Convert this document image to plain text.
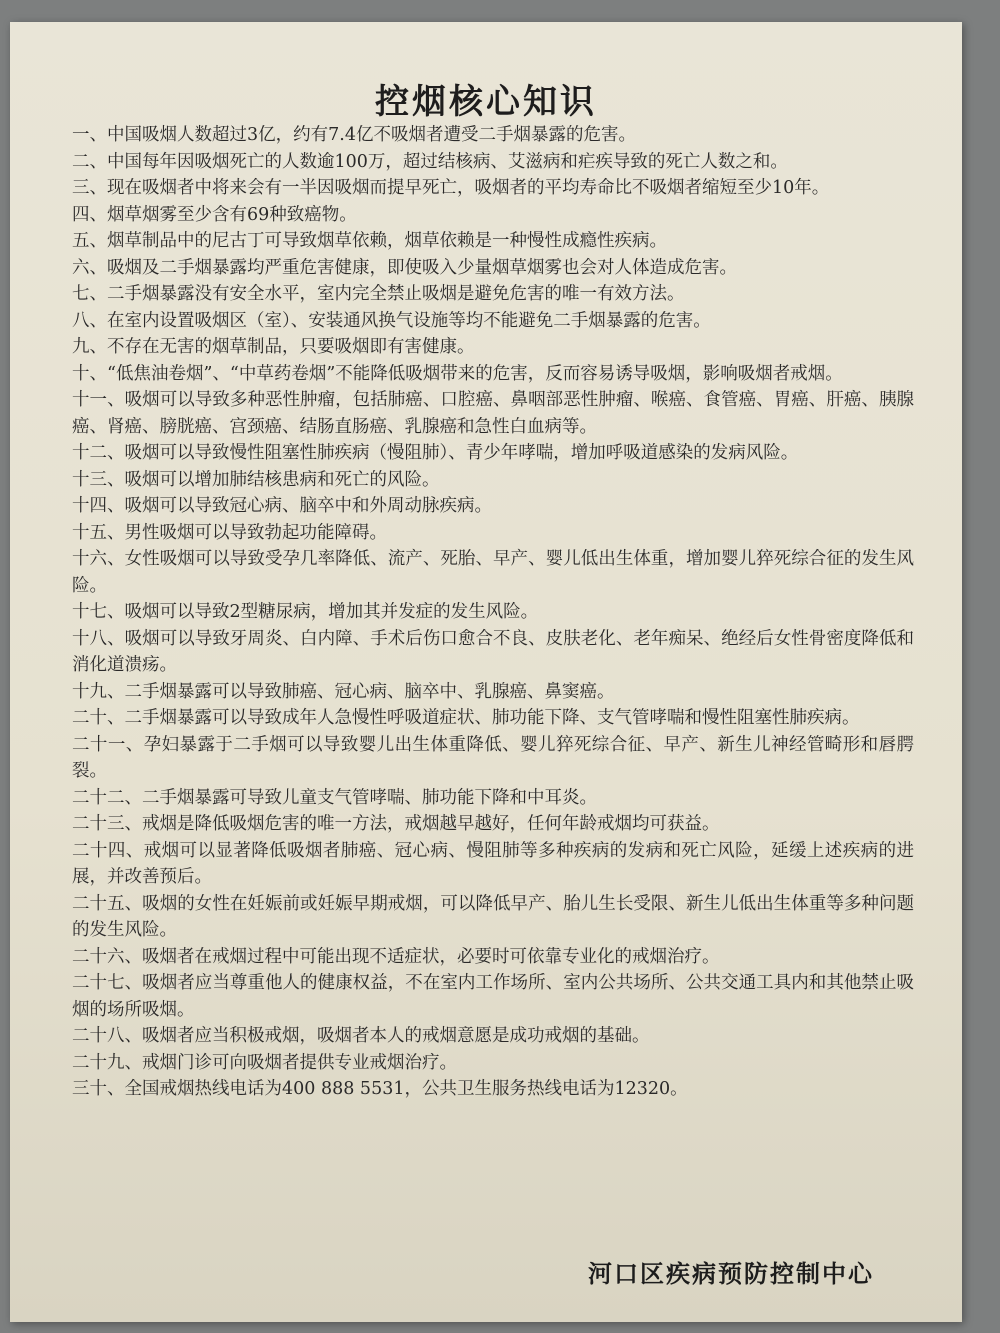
控烟核心知识

一、中国吸烟人数超过3亿，约有7.4亿不吸烟者遭受二手烟暴露的危害。

二、中国每年因吸烟死亡的人数逾100万，超过结核病、艾滋病和疟疾导致的死亡人数之和。

三、现在吸烟者中将来会有一半因吸烟而提早死亡，吸烟者的平均寿命比不吸烟者缩短至少10年。

四、烟草烟雾至少含有69种致癌物。

五、烟草制品中的尼古丁可导致烟草依赖，烟草依赖是一种慢性成瘾性疾病。

六、吸烟及二手烟暴露均严重危害健康，即使吸入少量烟草烟雾也会对人体造成危害。

七、二手烟暴露没有安全水平，室内完全禁止吸烟是避免危害的唯一有效方法。

八、在室内设置吸烟区（室）、安装通风换气设施等均不能避免二手烟暴露的危害。

九、不存在无害的烟草制品，只要吸烟即有害健康。

十、“低焦油卷烟”、“中草药卷烟”不能降低吸烟带来的危害，反而容易诱导吸烟，影响吸烟者戒烟。

十一、吸烟可以导致多种恶性肿瘤，包括肺癌、口腔癌、鼻咽部恶性肿瘤、喉癌、食管癌、胃癌、肝癌、胰腺癌、肾癌、膀胱癌、宫颈癌、结肠直肠癌、乳腺癌和急性白血病等。

十二、吸烟可以导致慢性阻塞性肺疾病（慢阻肺）、青少年哮喘，增加呼吸道感染的发病风险。

十三、吸烟可以增加肺结核患病和死亡的风险。

十四、吸烟可以导致冠心病、脑卒中和外周动脉疾病。

十五、男性吸烟可以导致勃起功能障碍。

十六、女性吸烟可以导致受孕几率降低、流产、死胎、早产、婴儿低出生体重，增加婴儿猝死综合征的发生风险。

十七、吸烟可以导致2型糖尿病，增加其并发症的发生风险。

十八、吸烟可以导致牙周炎、白内障、手术后伤口愈合不良、皮肤老化、老年痴呆、绝经后女性骨密度降低和消化道溃疡。

十九、二手烟暴露可以导致肺癌、冠心病、脑卒中、乳腺癌、鼻窦癌。

二十、二手烟暴露可以导致成年人急慢性呼吸道症状、肺功能下降、支气管哮喘和慢性阻塞性肺疾病。

二十一、孕妇暴露于二手烟可以导致婴儿出生体重降低、婴儿猝死综合征、早产、新生儿神经管畸形和唇腭裂。

二十二、二手烟暴露可导致儿童支气管哮喘、肺功能下降和中耳炎。

二十三、戒烟是降低吸烟危害的唯一方法，戒烟越早越好，任何年龄戒烟均可获益。

二十四、戒烟可以显著降低吸烟者肺癌、冠心病、慢阻肺等多种疾病的发病和死亡风险，延缓上述疾病的进展，并改善预后。

二十五、吸烟的女性在妊娠前或妊娠早期戒烟，可以降低早产、胎儿生长受限、新生儿低出生体重等多种问题的发生风险。

二十六、吸烟者在戒烟过程中可能出现不适症状，必要时可依靠专业化的戒烟治疗。

二十七、吸烟者应当尊重他人的健康权益，不在室内工作场所、室内公共场所、公共交通工具内和其他禁止吸烟的场所吸烟。

二十八、吸烟者应当积极戒烟，吸烟者本人的戒烟意愿是成功戒烟的基础。

二十九、戒烟门诊可向吸烟者提供专业戒烟治疗。

三十、全国戒烟热线电话为400 888 5531，公共卫生服务热线电话为12320。

河口区疾病预防控制中心
